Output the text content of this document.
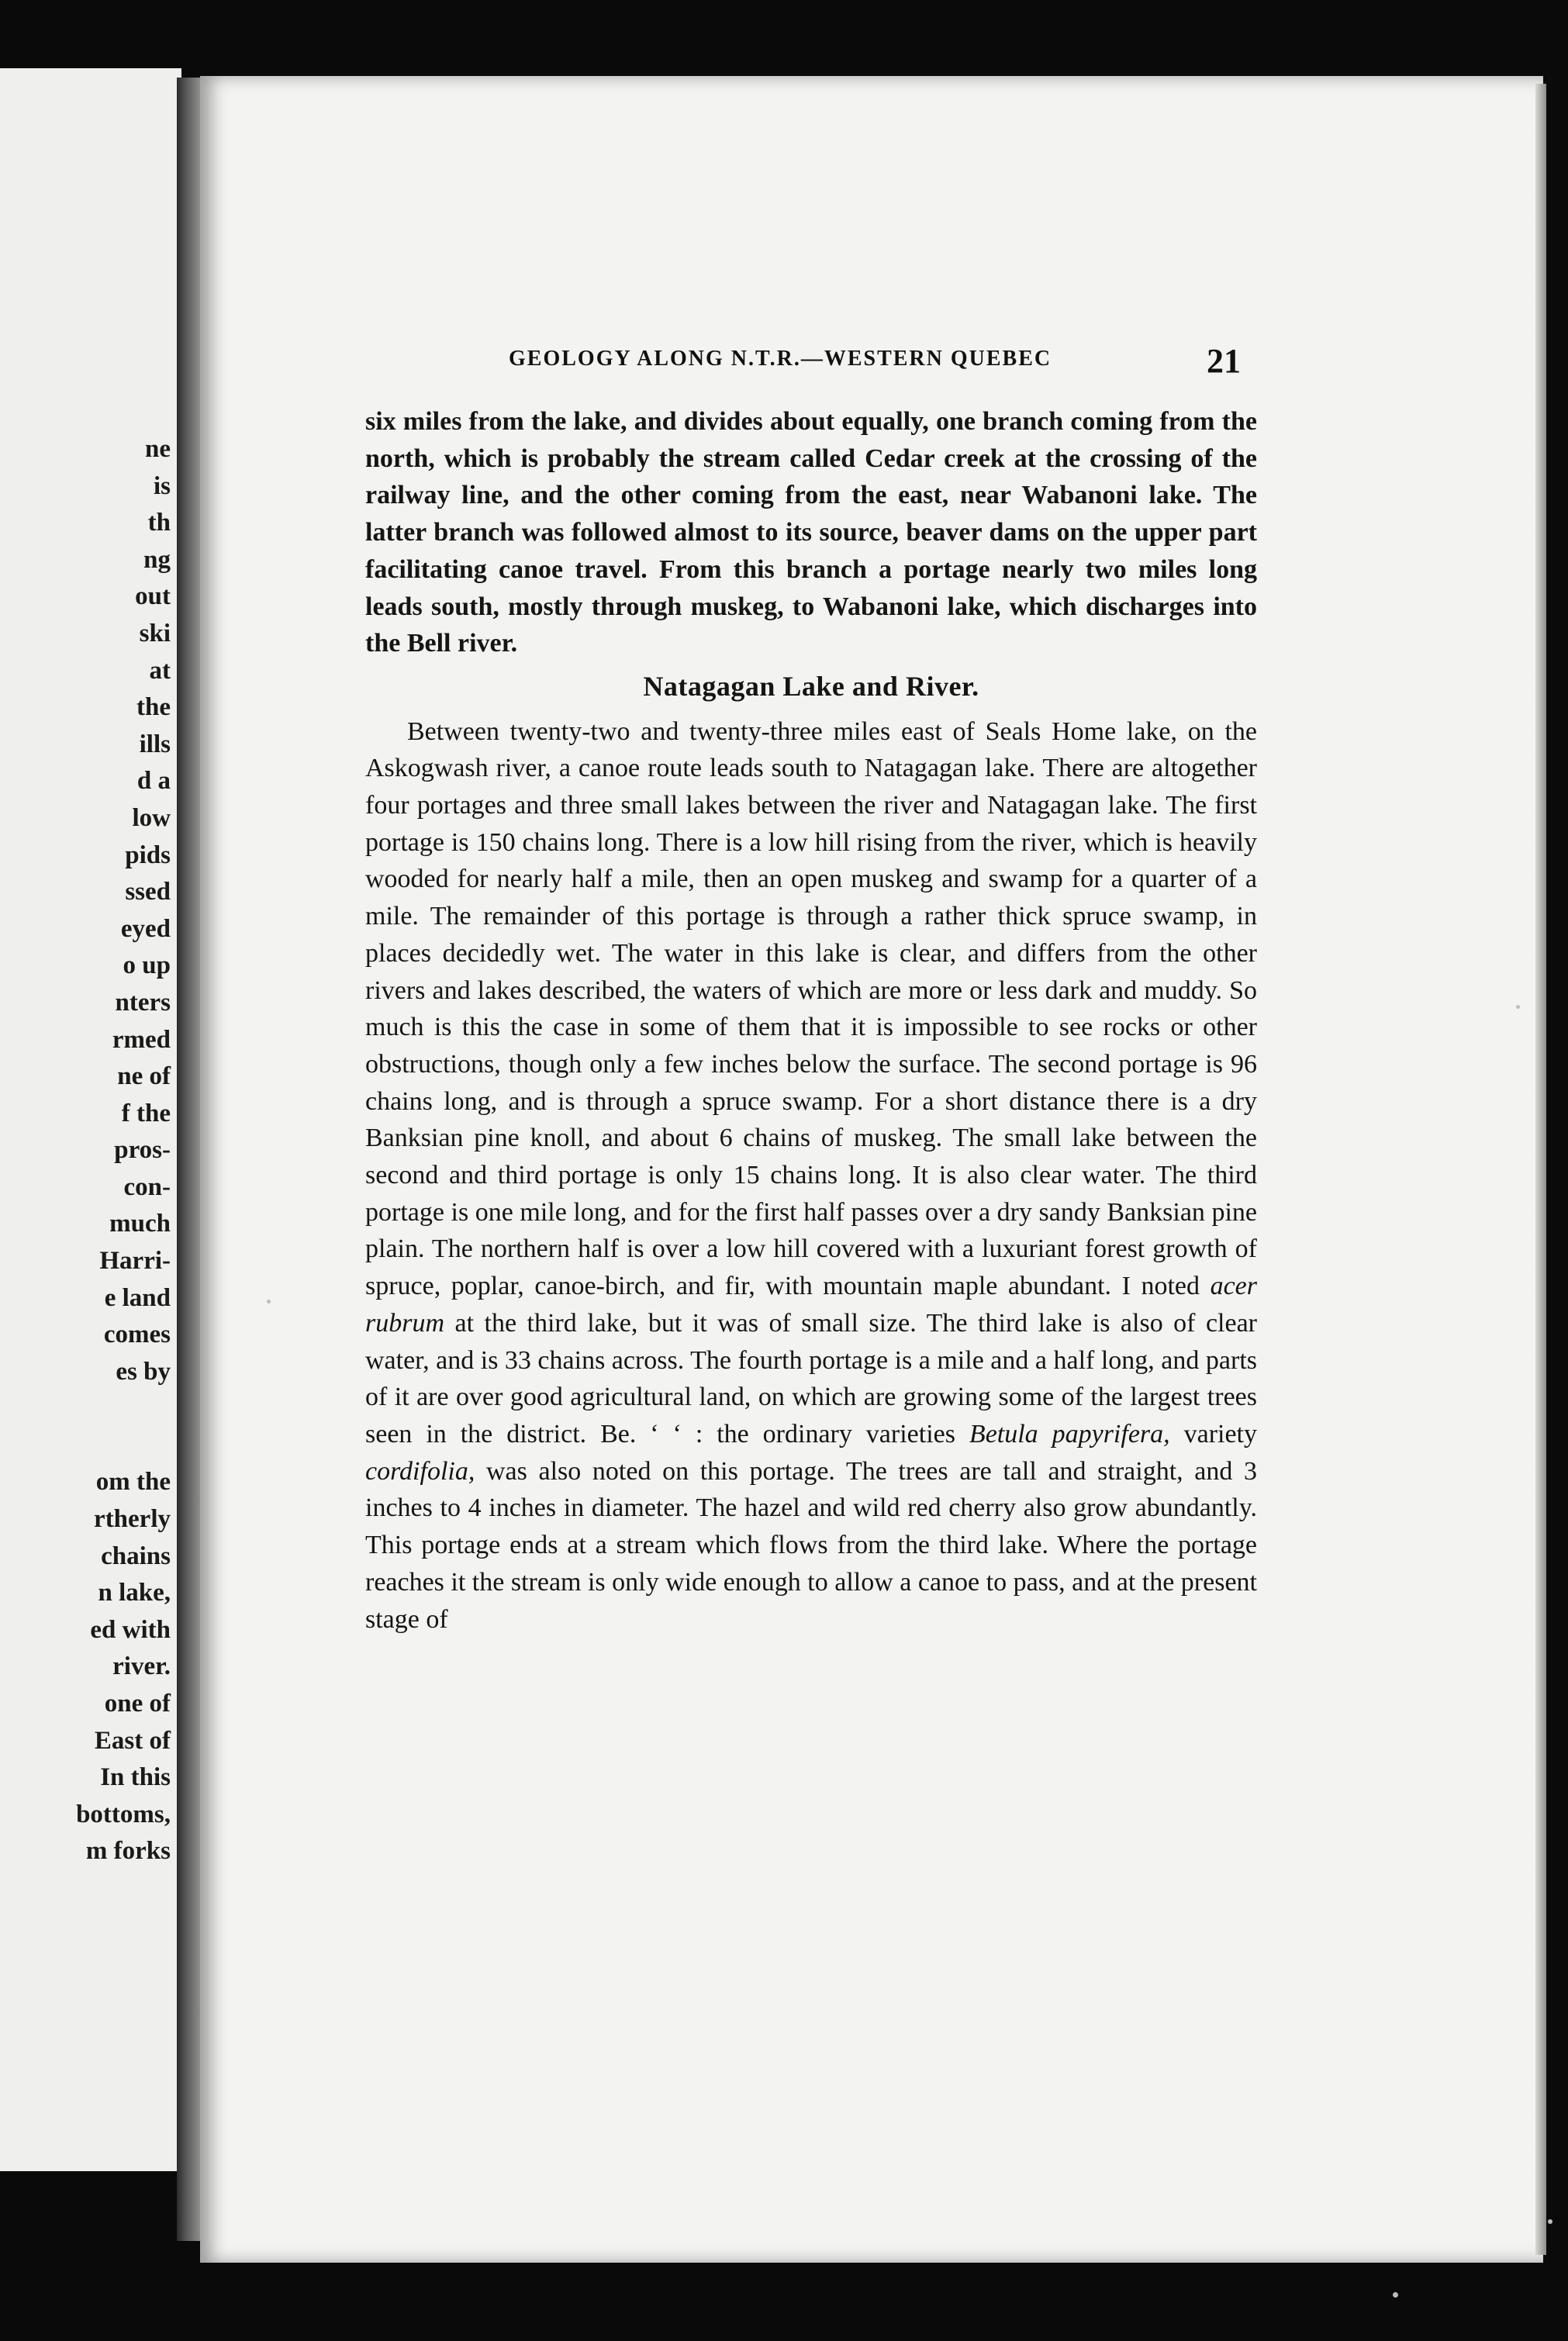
ne
is
th
ng
out
ski
at
the
ills
d a
low
pids
ssed
eyed
o up
nters
rmed
ne of
f the
pros-
con-
much
Harri-
e land
comes
es by
om the
rtherly
chains
n lake,
ed with
river.
one of
East of
In this
bottoms,
m forks
GEOLOGY ALONG N.T.R.—WESTERN QUEBEC	21

six miles from the lake, and divides about equally, one branch coming from the north, which is probably the stream called Cedar creek at the crossing of the railway line, and the other coming from the east, near Wabanoni lake. The latter branch was followed almost to its source, beaver dams on the upper part facilitating canoe travel. From this branch a portage nearly two miles long leads south, mostly through muskeg, to Wabanoni lake, which discharges into the Bell river.

Natagagan Lake and River.

Between twenty-two and twenty-three miles east of Seals Home lake, on the Askogwash river, a canoe route leads south to Natagagan lake. There are altogether four portages and three small lakes between the river and Natagagan lake. The first portage is 150 chains long. There is a low hill rising from the river, which is heavily wooded for nearly half a mile, then an open muskeg and swamp for a quarter of a mile. The remainder of this portage is through a rather thick spruce swamp, in places decidedly wet. The water in this lake is clear, and differs from the other rivers and lakes described, the waters of which are more or less dark and muddy. So much is this the case in some of them that it is impossible to see rocks or other obstructions, though only a few inches below the surface. The second portage is 96 chains long, and is through a spruce swamp. For a short distance there is a dry Banksian pine knoll, and about 6 chains of muskeg. The small lake between the second and third portage is only 15 chains long. It is also clear water. The third portage is one mile long, and for the first half passes over a dry sandy Banksian pine plain. The northern half is over a low hill covered with a luxuriant forest growth of spruce, poplar, canoe-birch, and fir, with mountain maple abundant. I noted acer rubrum at the third lake, but it was of small size. The third lake is also of clear water, and is 33 chains across. The fourth portage is a mile and a half long, and parts of it are over good agricultural land, on which are growing some of the largest trees seen in the district. Be. ‘ ‘ : the ordinary varieties Betula papyrifera, variety cordifolia, was also noted on this portage. The trees are tall and straight, and 3 inches to 4 inches in diameter. The hazel and wild red cherry also grow abundantly. This portage ends at a stream which flows from the third lake. Where the portage reaches it the stream is only wide enough to allow a canoe to pass, and at the present stage of
